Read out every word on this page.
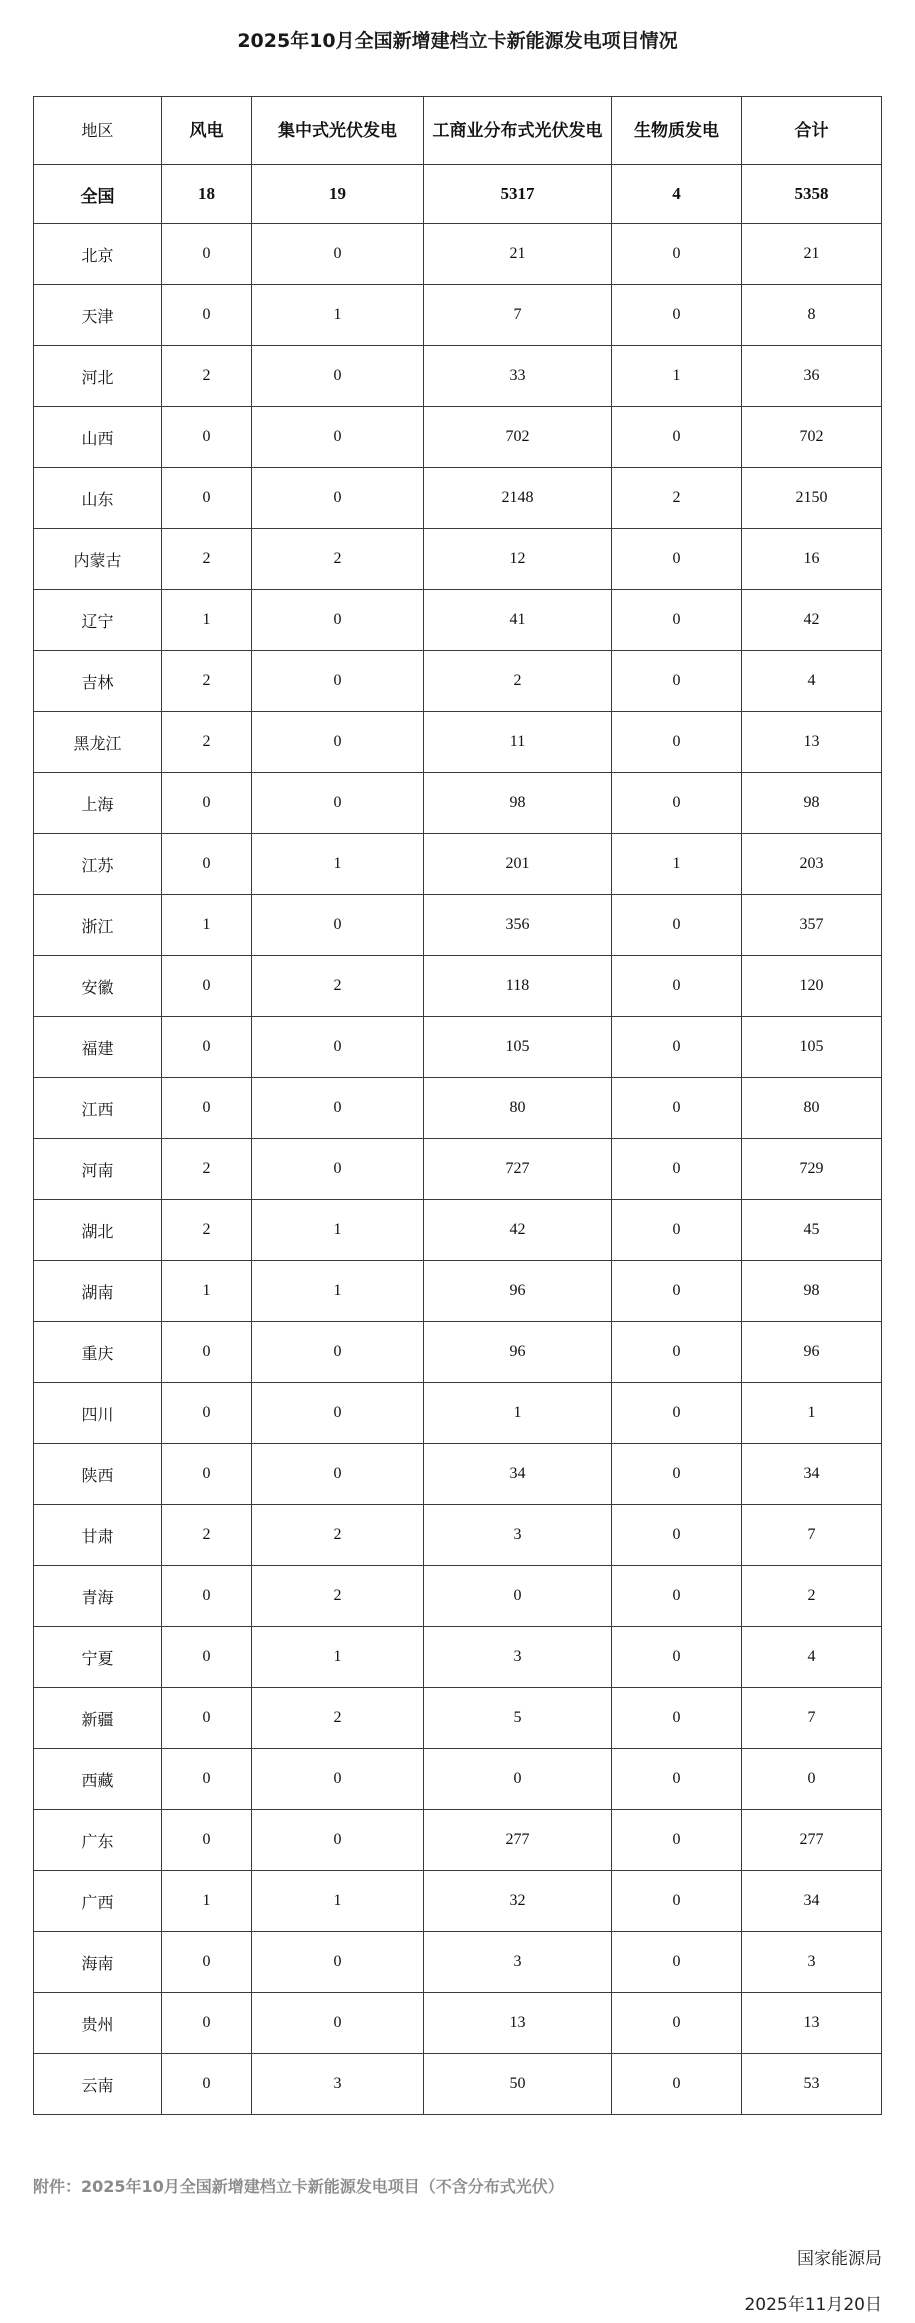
2025年10月全国新增建档立卡新能源发电项目情况
地区	风电	集中式光伏发电	工商业分布式光伏发电	生物质发电	合计
全国	18	19	5317	4	5358
北京	0	0	21	0	21
天津	0	1	7	0	8
河北	2	0	33	1	36
山西	0	0	702	0	702
山东	0	0	2148	2	2150
内蒙古	2	2	12	0	16
辽宁	1	0	41	0	42
吉林	2	0	2	0	4
黑龙江	2	0	11	0	13
上海	0	0	98	0	98
江苏	0	1	201	1	203
浙江	1	0	356	0	357
安徽	0	2	118	0	120
福建	0	0	105	0	105
江西	0	0	80	0	80
河南	2	0	727	0	729
湖北	2	1	42	0	45
湖南	1	1	96	0	98
重庆	0	0	96	0	96
四川	0	0	1	0	1
陕西	0	0	34	0	34
甘肃	2	2	3	0	7
青海	0	2	0	0	2
宁夏	0	1	3	0	4
新疆	0	2	5	0	7
西藏	0	0	0	0	0
广东	0	0	277	0	277
广西	1	1	32	0	34
海南	0	0	3	0	3
贵州	0	0	13	0	13
云南	0	3	50	0	53
附件：2025年10月全国新增建档立卡新能源发电项目（不含分布式光伏）
国家能源局
2025年11月20日
